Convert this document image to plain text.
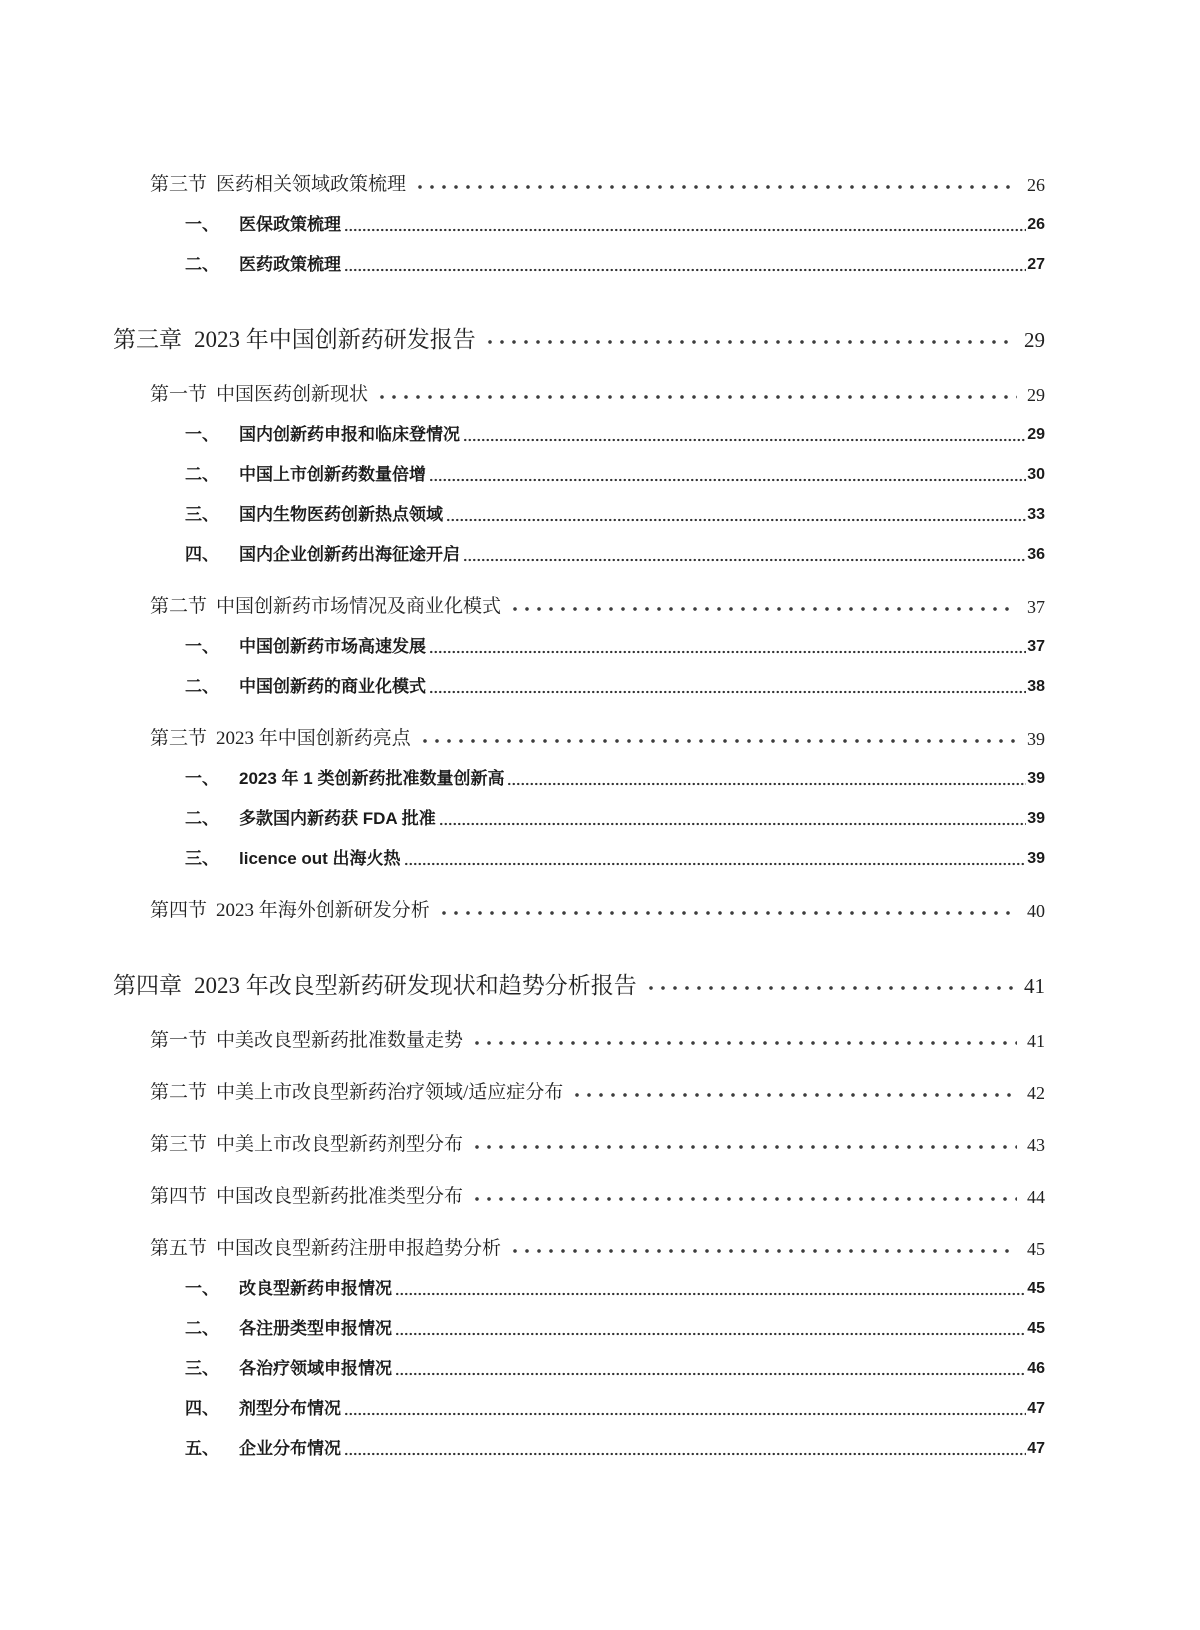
第三节 医药相关领域政策梳理	26
一、 医保政策梳理	26
二、 医药政策梳理	27
第三章 2023 年中国创新药研发报告	29
第一节 中国医药创新现状	29
一、 国内创新药申报和临床登情况	29
二、 中国上市创新药数量倍增	30
三、 国内生物医药创新热点领域	33
四、 国内企业创新药出海征途开启	36
第二节 中国创新药市场情况及商业化模式	37
一、 中国创新药市场高速发展	37
二、 中国创新药的商业化模式	38
第三节 2023 年中国创新药亮点	39
一、 2023 年 1 类创新药批准数量创新高	39
二、 多款国内新药获 FDA 批准	39
三、 licence out 出海火热	39
第四节 2023 年海外创新研发分析	40
第四章 2023 年改良型新药研发现状和趋势分析报告	41
第一节 中美改良型新药批准数量走势	41
第二节 中美上市改良型新药治疗领域/适应症分布	42
第三节 中美上市改良型新药剂型分布	43
第四节 中国改良型新药批准类型分布	44
第五节 中国改良型新药注册申报趋势分析	45
一、 改良型新药申报情况	45
二、 各注册类型申报情况	45
三、 各治疗领域申报情况	46
四、 剂型分布情况	47
五、 企业分布情况	47
